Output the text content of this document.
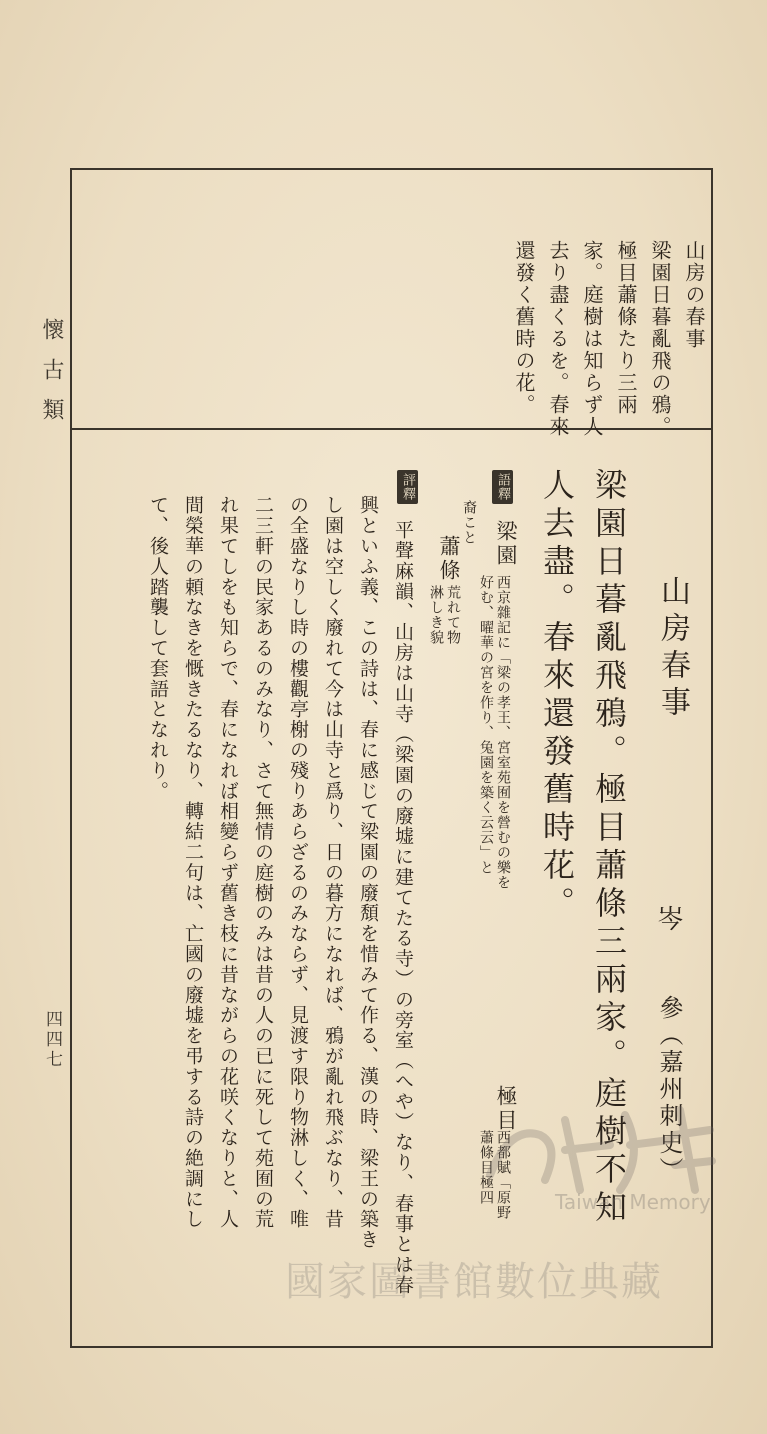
懷古類
四四七
山房の春事
梁園日暮亂飛の鴉。
極目蕭條たり三兩
家。庭樹は知らず人
去り盡くるを。春來
還發く舊時の花。
山房春事
岑
參（嘉州刺史）
梁園日暮亂飛鴉。極目蕭條三兩家。庭樹不知
人去盡。春來還發舊時花。
語釋
梁園
西京雜記に「梁の孝王、宮室苑囿を營むの樂を
好む、曜華の宮を作り、兔園を築く云云」と
極目
西都賦「原野
蕭條目極四
裔こと
蕭條
荒れて物
淋しき貌
評釋
平聲麻韻、山房は山寺（梁園の廢墟に建てたる寺）の旁室（へや）なり、春事とは春
興といふ義、この詩は、春に感じて梁園の廢頽を惜みて作る、漢の時、梁王の築き
し園は空しく廢れて今は山寺と爲り、日の暮方になれば、鴉が亂れ飛ぶなり、昔
の全盛なりし時の樓觀亭榭の殘りあらざるのみならず、見渡す限り物淋しく、唯
二三軒の民家あるのみなり、さて無情の庭樹のみは昔の人の已に死して苑囿の荒
れ果てしをも知らで、春になれば相變らず舊き枝に昔ながらの花咲くなりと、人
間榮華の頼なきを慨きたるなり、轉結二句は、亡國の廢墟を弔する詩の絶調にし
て、後人踏襲して套語となれり。
Taiwan Memory
國家圖書館數位典藏
